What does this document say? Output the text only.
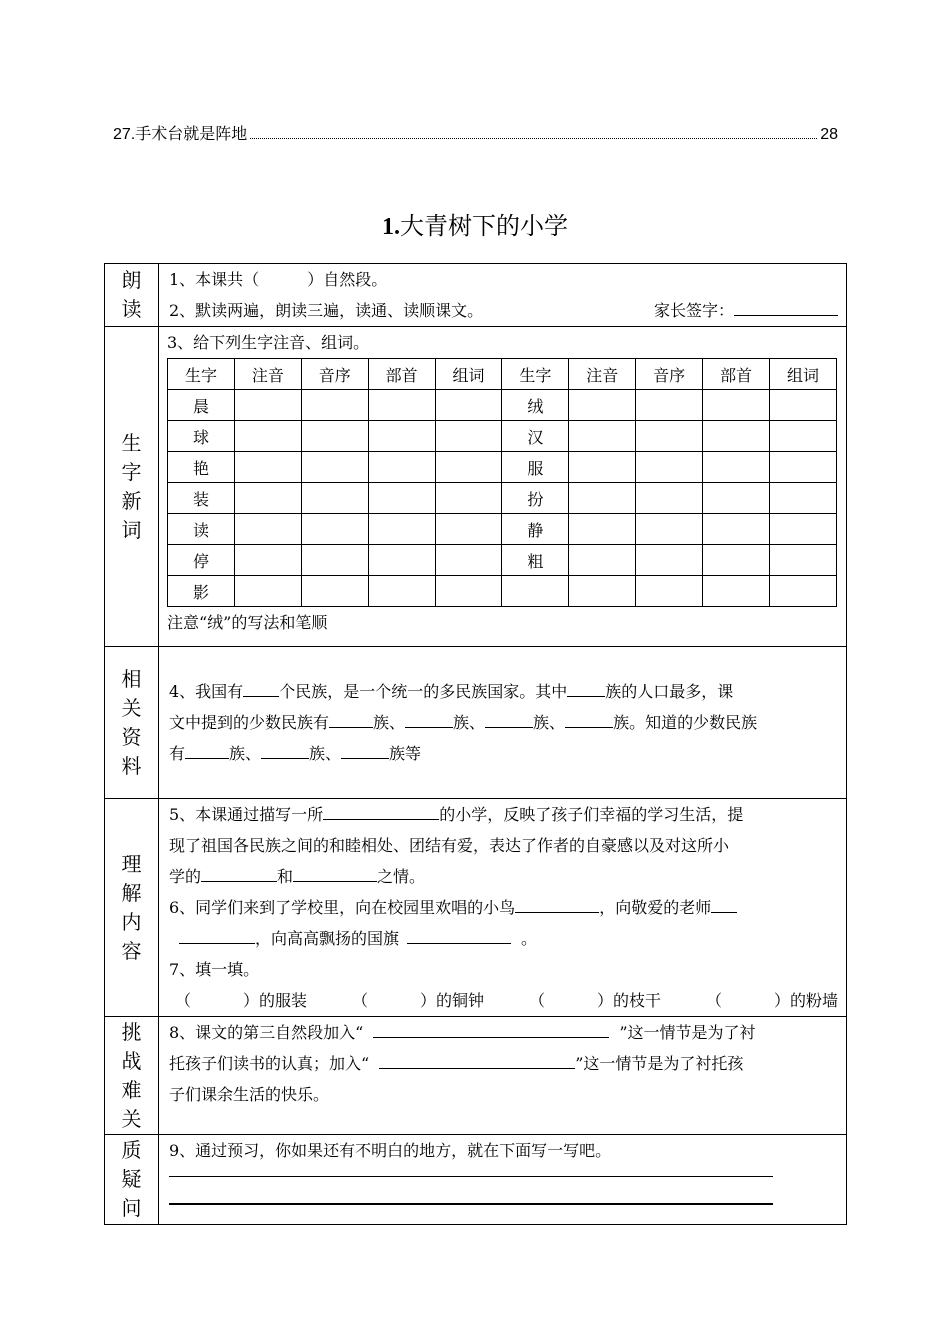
27.手术台就是阵地	28
1.大青树下的小学
朗
读

1、本课共（	）自然段。
2、默读两遍，朗读三遍，读通、读顺课文。	家长签字：

生
字
新
词

3、给下列生字注音、组词。
生字	注音	音序	部首	组词	生字	注音	音序	部首	组词
晨					绒				
球					汉				
艳					服				
装					扮				
读					静				
停					粗				
影									
注意“绒”的写法和笔顺

相
关
资
料

4、我国有 个民族，是一个统一的多民族国家。其中 族的人口最多，课
文中提到的少数民族有	族、	族、	族、	族。知道的少数民族
有	族、	族、	族等

理
解
内
容

5、本课通过描写一所	的小学，反映了孩子们幸福的学习生活，提
现了祖国各民族之间的和睦相处、团结有爱，表达了作者的自豪感以及对这所小
学的	和	之情。
6、同学们来到了学校里，向在校园里欢唱的小鸟	，向敬爱的老师
，向高高飘扬的国旗	。
7、填一填。
（	）的服装	（	）的铜钟	（	）的枝干	（	）的粉墙

挑
战
难
关

8、课文的第三自然段加入“	”这一情节是为了衬
托孩子们读书的认真；加入“	”这一情节是为了衬托孩
子们课余生活的快乐。

质
疑
问

9、通过预习，你如果还有不明白的地方，就在下面写一写吧。
